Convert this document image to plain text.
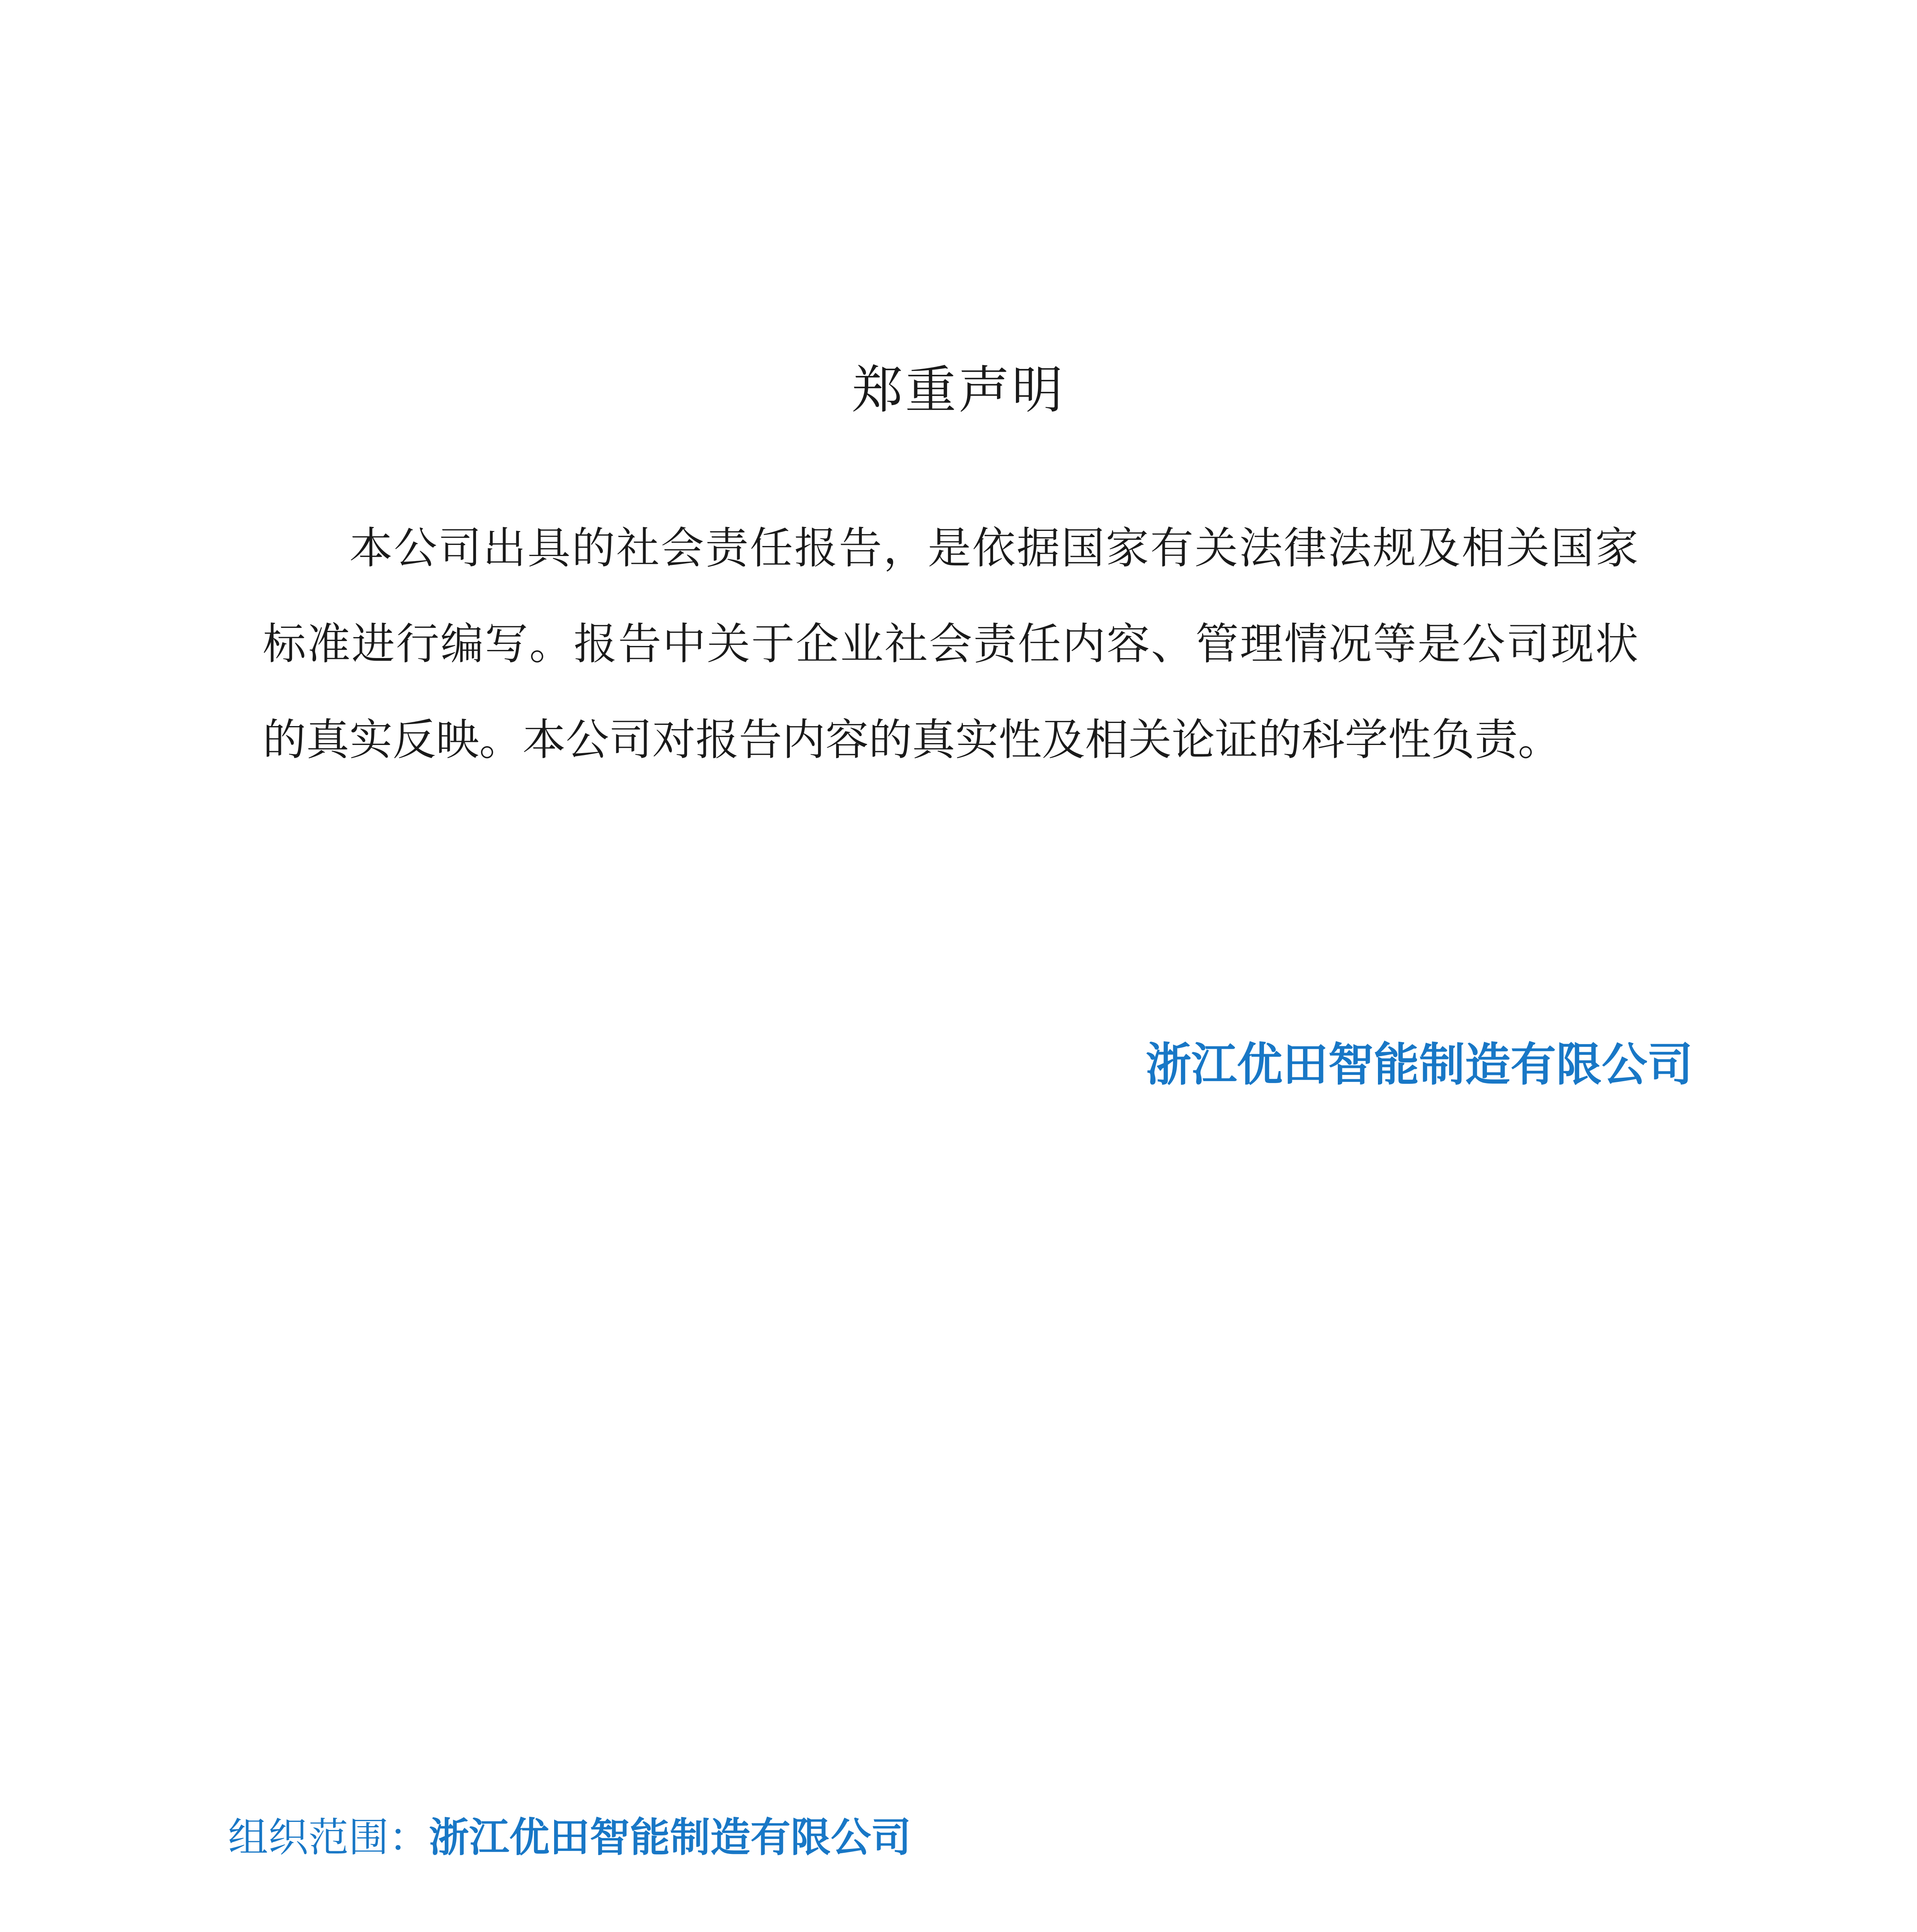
郑重声明

本公司出具的社会责任报告，是依据国家有关法律法规及相关国家标准进行编写。报告中关于企业社会责任内容、管理情况等是公司现状的真实反映。本公司对报告内容的真实性及相关论证的科学性负责。

浙江优田智能制造有限公司
组织范围：浙江优田智能制造有限公司
